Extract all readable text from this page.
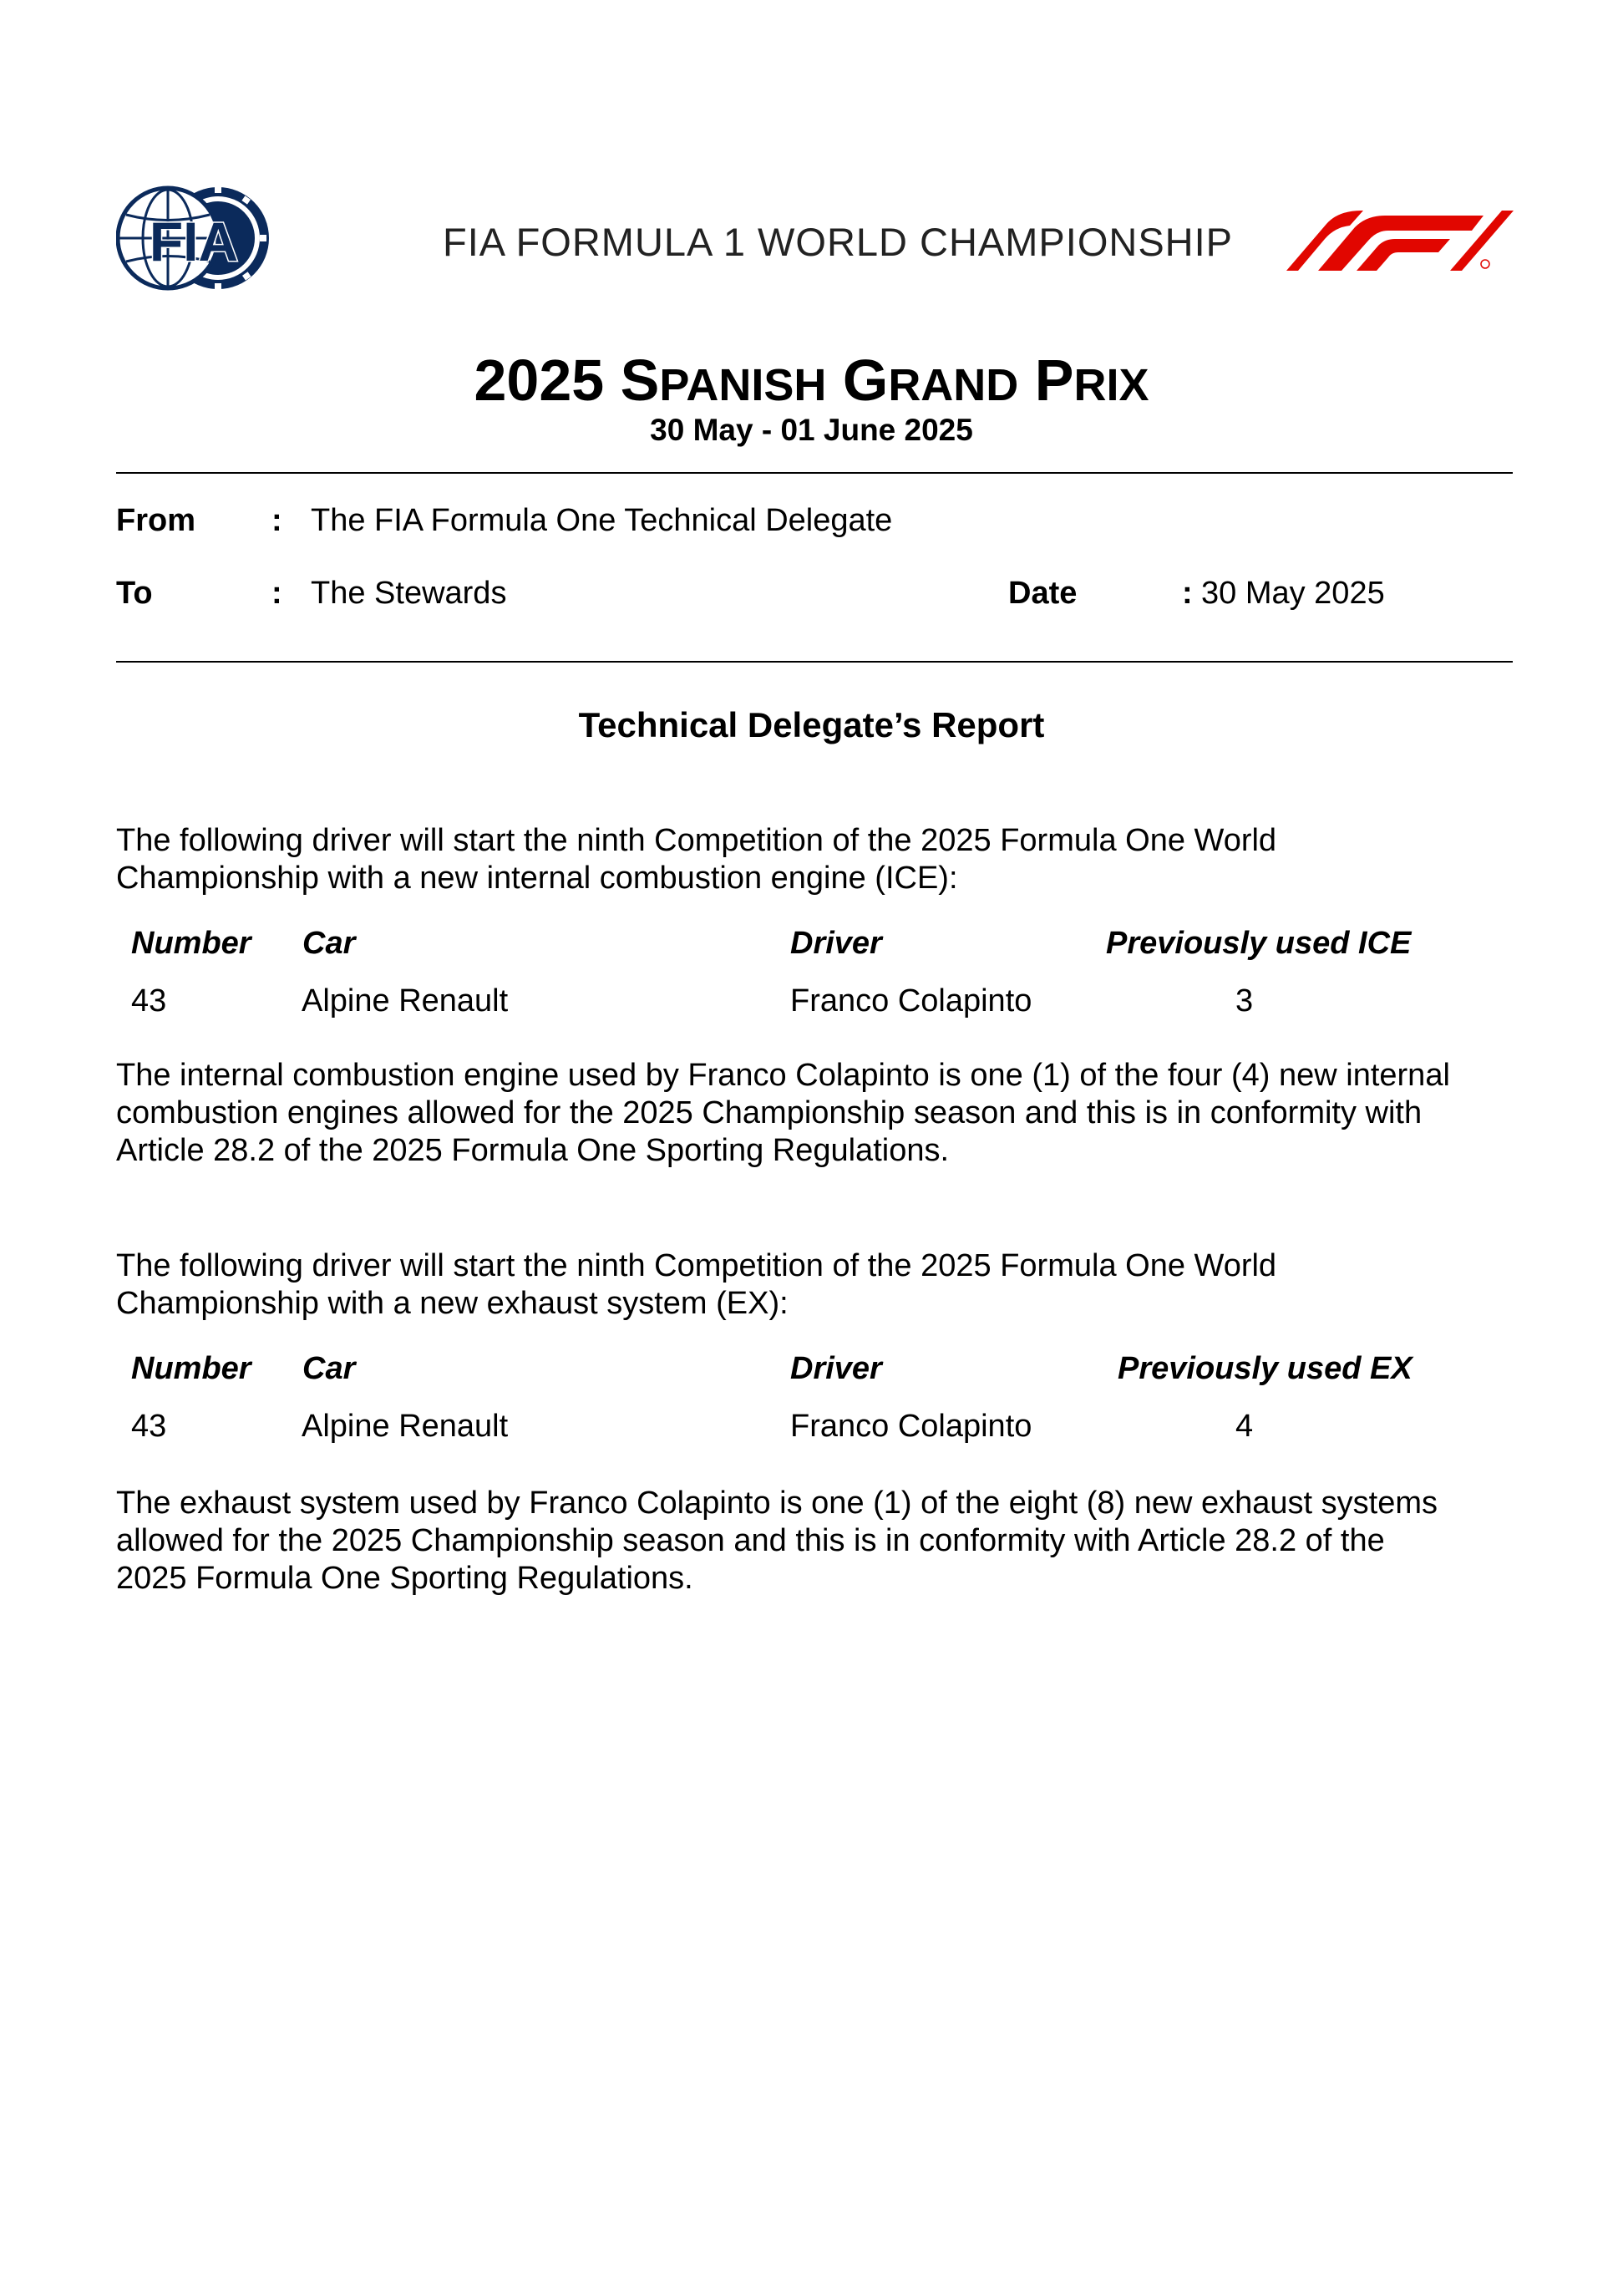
FIA	FIA FORMULA 1 WORLD CHAMPIONSHIP
2025 SPANISH GRAND PRIX
30 May - 01 June 2025
From : The FIA Formula One Technical Delegate
To	: The Stewards	Date	: 30 May 2025
Technical Delegate’s Report
The following driver will start the ninth Competition of the 2025 Formula One World
Championship with a new internal combustion engine (ICE):
Number Car	Driver	Previously used ICE
43	Alpine Renault	Franco Colapinto	3
The internal combustion engine used by Franco Colapinto is one (1) of the four (4) new internal
combustion engines allowed for the 2025 Championship season and this is in conformity with
Article 28.2 of the 2025 Formula One Sporting Regulations.
The following driver will start the ninth Competition of the 2025 Formula One World
Championship with a new exhaust system (EX):
Number Car	Driver	Previously used EX
43	Alpine Renault	Franco Colapinto	4
The exhaust system used by Franco Colapinto is one (1) of the eight (8) new exhaust systems
allowed for the 2025 Championship season and this is in conformity with Article 28.2 of the
2025 Formula One Sporting Regulations.
